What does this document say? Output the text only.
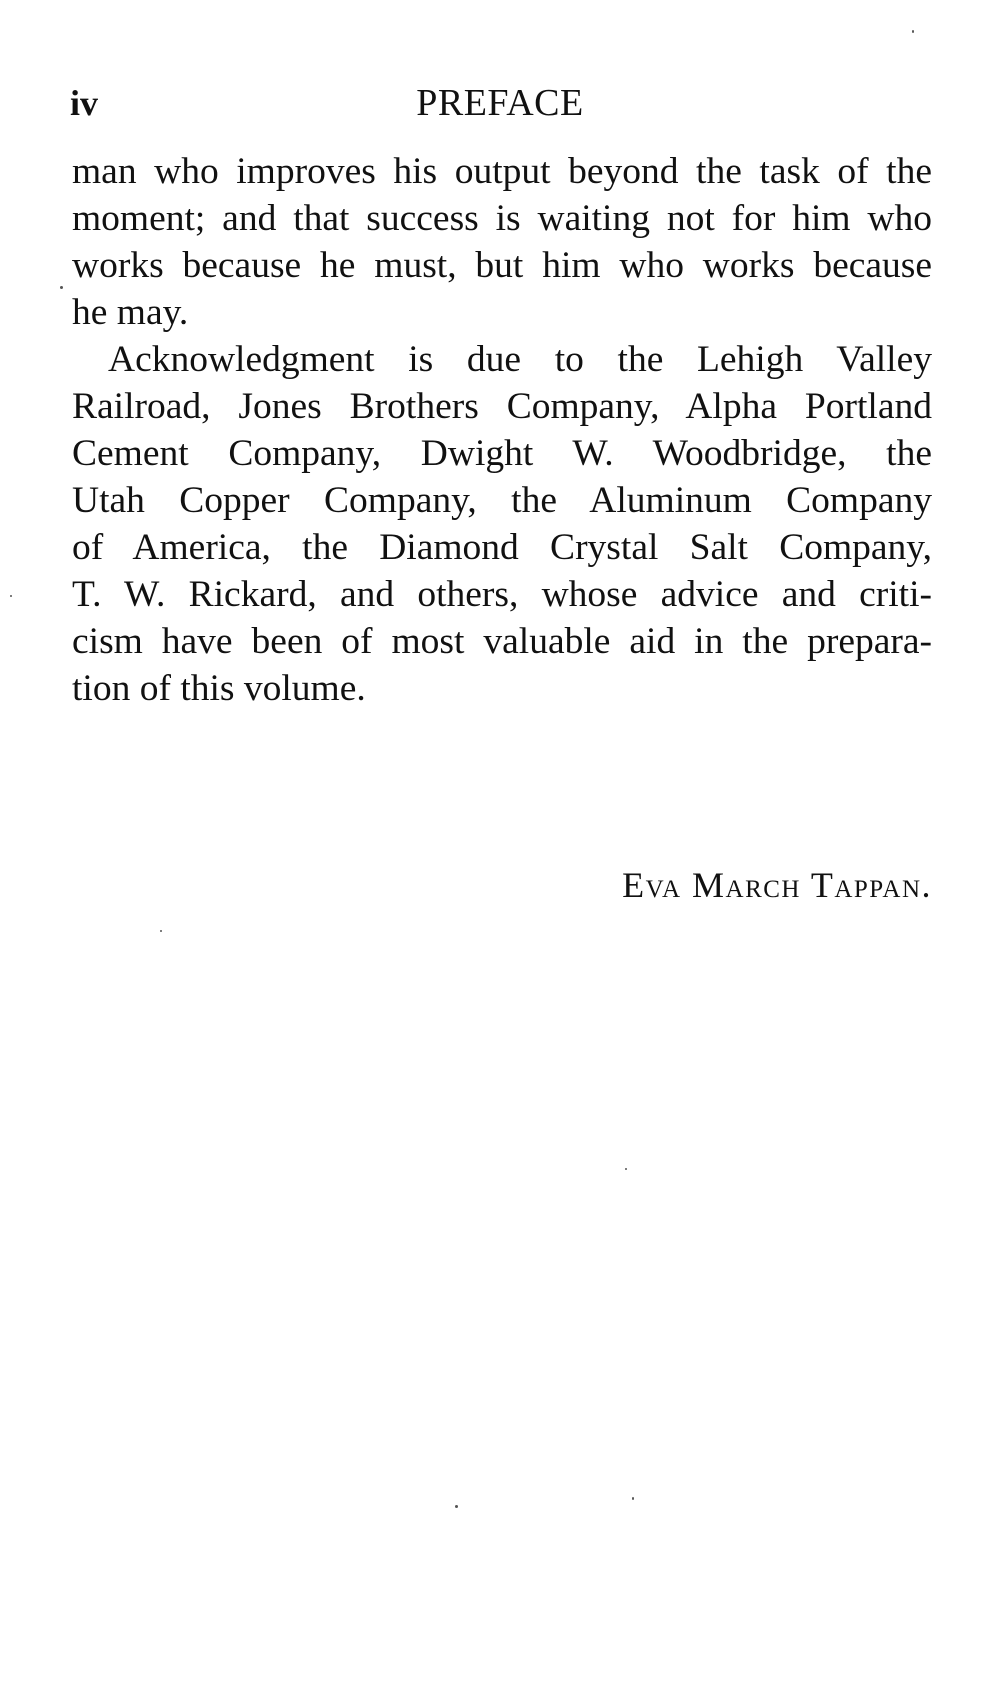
iv	PREFACE

man who improves his output beyond the task of the
moment; and that success is waiting not for him who
works because he must, but him who works because
he may.

Acknowledgment is due to the Lehigh Valley
Railroad, Jones Brothers Company, Alpha Portland
Cement Company, Dwight W. Woodbridge, the
Utah Copper Company, the Aluminum Company
of America, the Diamond Crystal Salt Company,
T. W. Rickard, and others, whose advice and criti-
cism have been of most valuable aid in the prepara-
tion of this volume.

Eva March Tappan.
